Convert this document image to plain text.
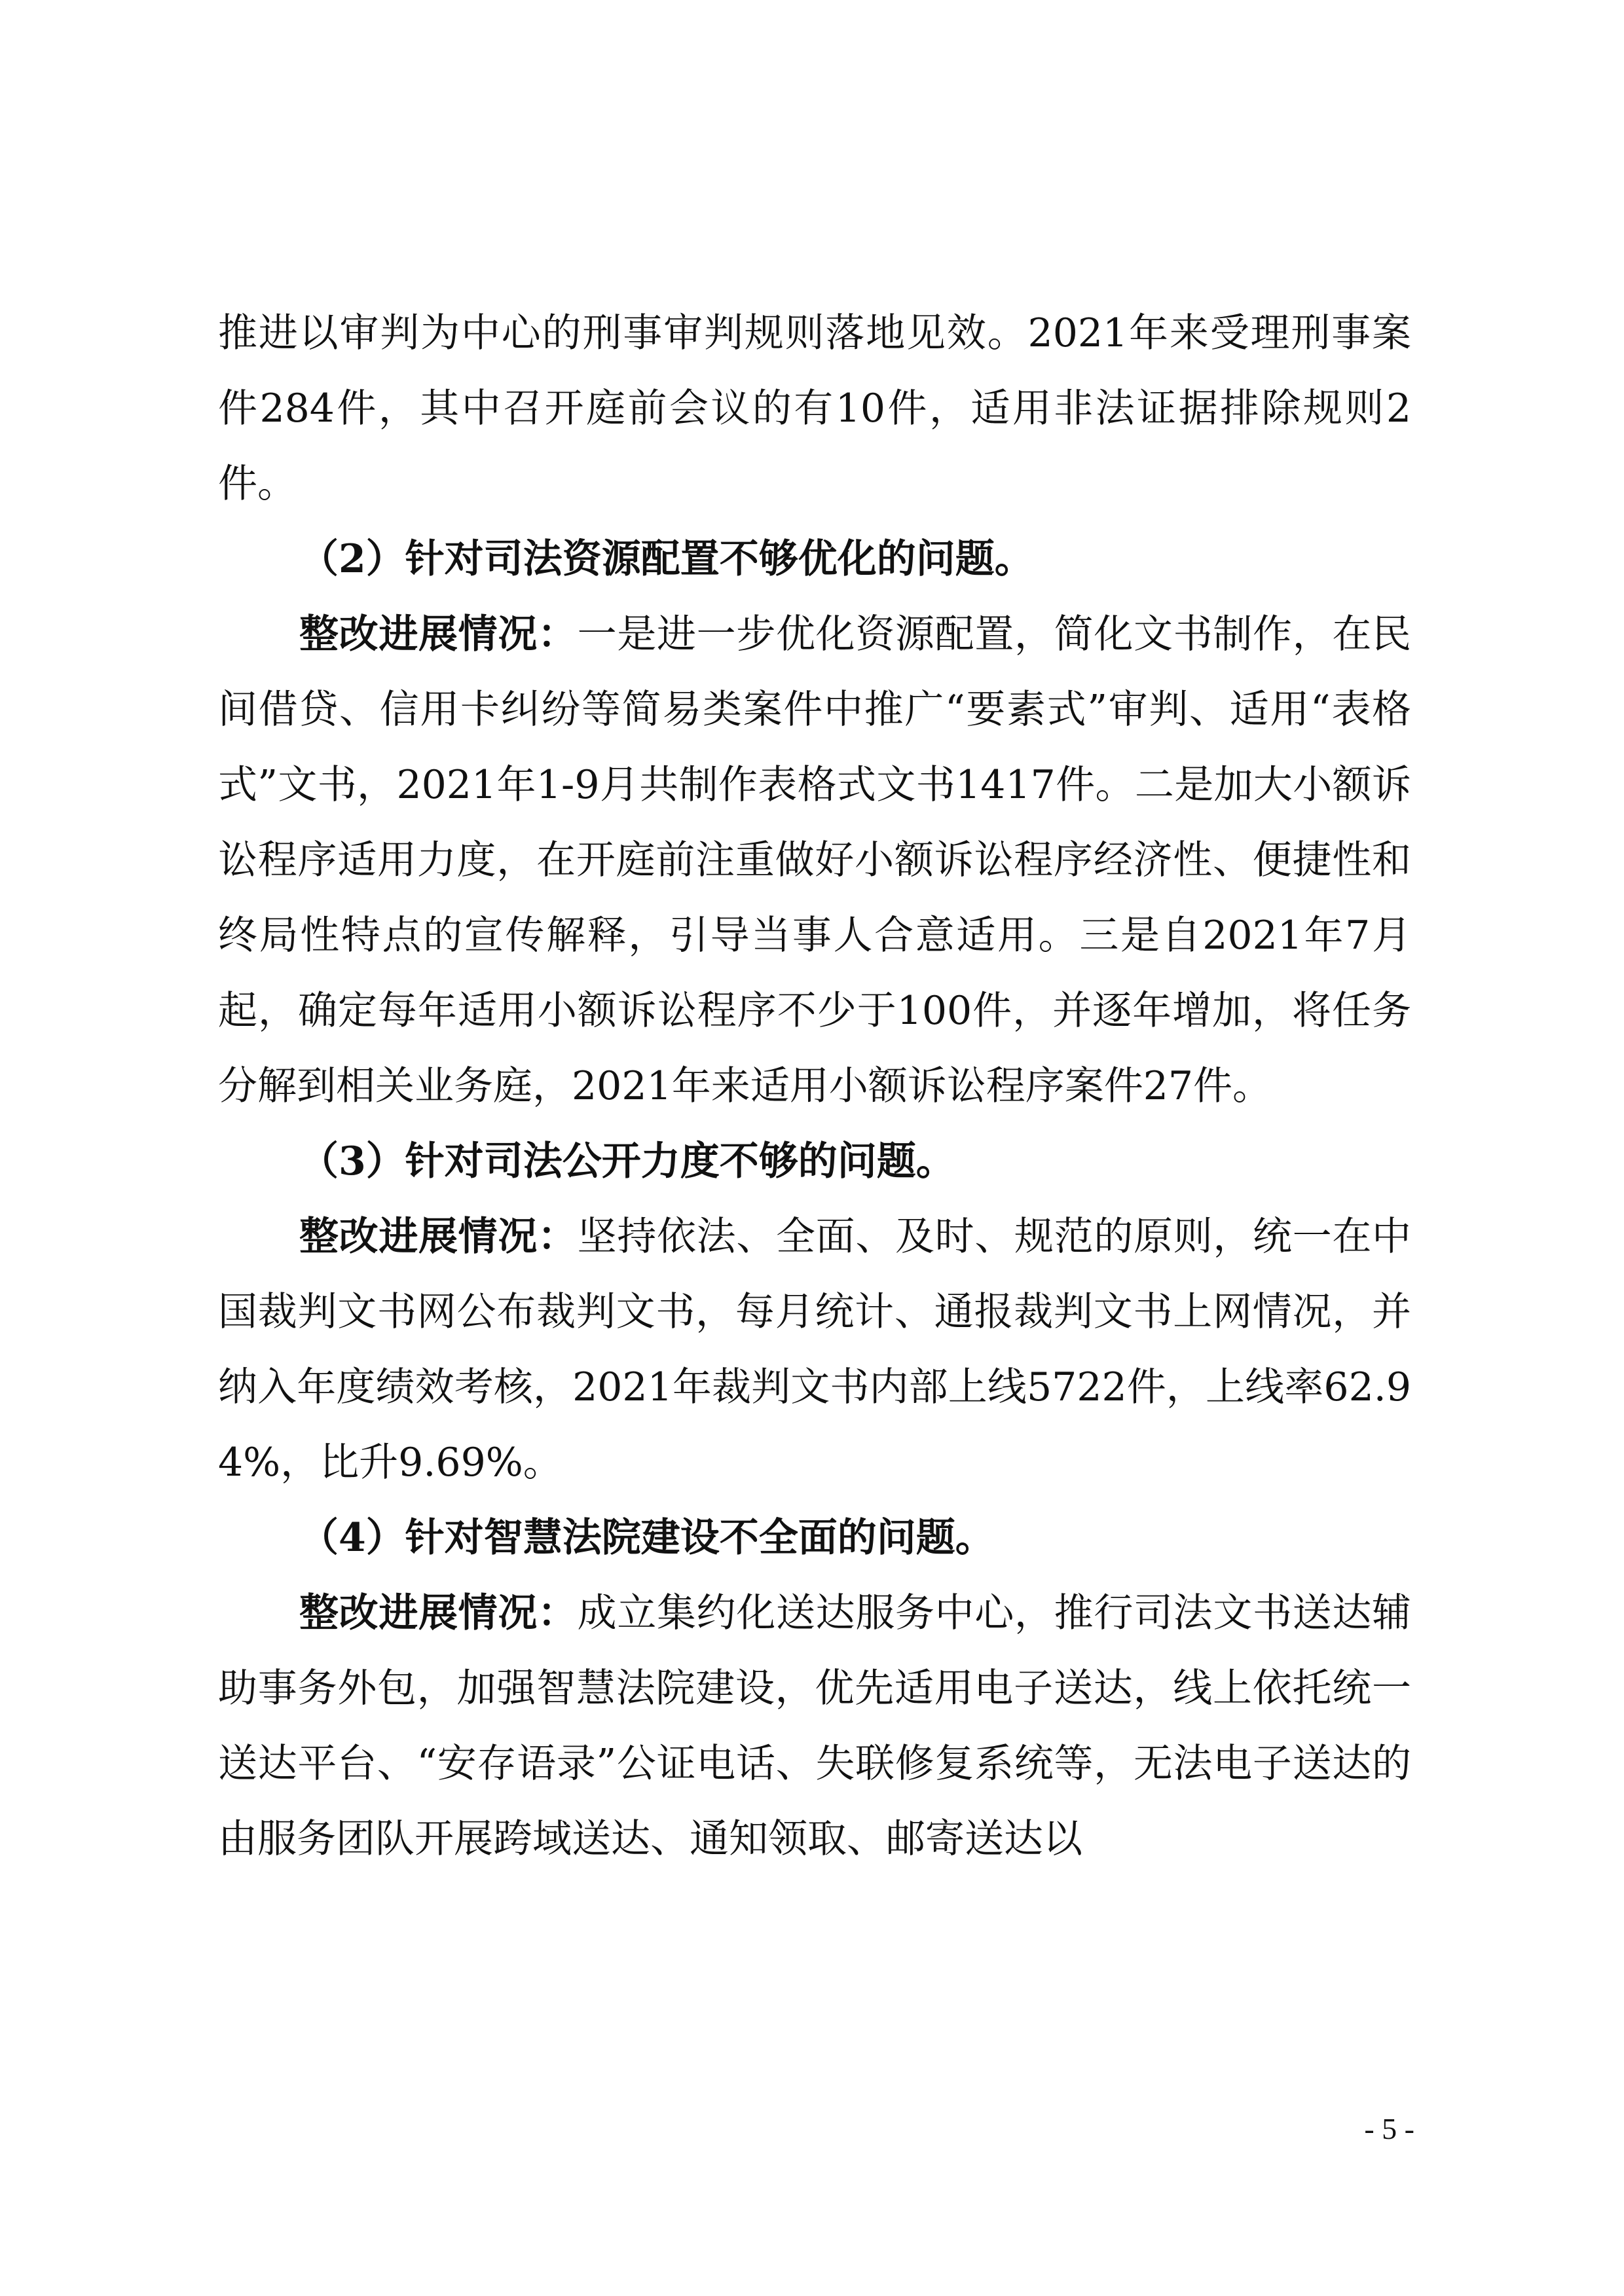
推进以审判为中心的刑事审判规则落地见效。2021年来受理刑事案件284件，其中召开庭前会议的有10件，适用非法证据排除规则2件。

（2）针对司法资源配置不够优化的问题。

整改进展情况：一是进一步优化资源配置，简化文书制作，在民间借贷、信用卡纠纷等简易类案件中推广“要素式”审判、适用“表格式”文书，2021年1-9月共制作表格式文书1417件。二是加大小额诉讼程序适用力度，在开庭前注重做好小额诉讼程序经济性、便捷性和终局性特点的宣传解释，引导当事人合意适用。三是自2021年7月起，确定每年适用小额诉讼程序不少于100件，并逐年增加，将任务分解到相关业务庭，2021年来适用小额诉讼程序案件27件。

（3）针对司法公开力度不够的问题。

整改进展情况：坚持依法、全面、及时、规范的原则，统一在中国裁判文书网公布裁判文书，每月统计、通报裁判文书上网情况，并纳入年度绩效考核，2021年裁判文书内部上线5722件，上线率62.94%，比升9.69%。

（4）针对智慧法院建设不全面的问题。

整改进展情况：成立集约化送达服务中心，推行司法文书送达辅助事务外包，加强智慧法院建设，优先适用电子送达，线上依托统一送达平台、“安存语录”公证电话、失联修复系统等，无法电子送达的由服务团队开展跨域送达、通知领取、邮寄送达以

- 5 -
